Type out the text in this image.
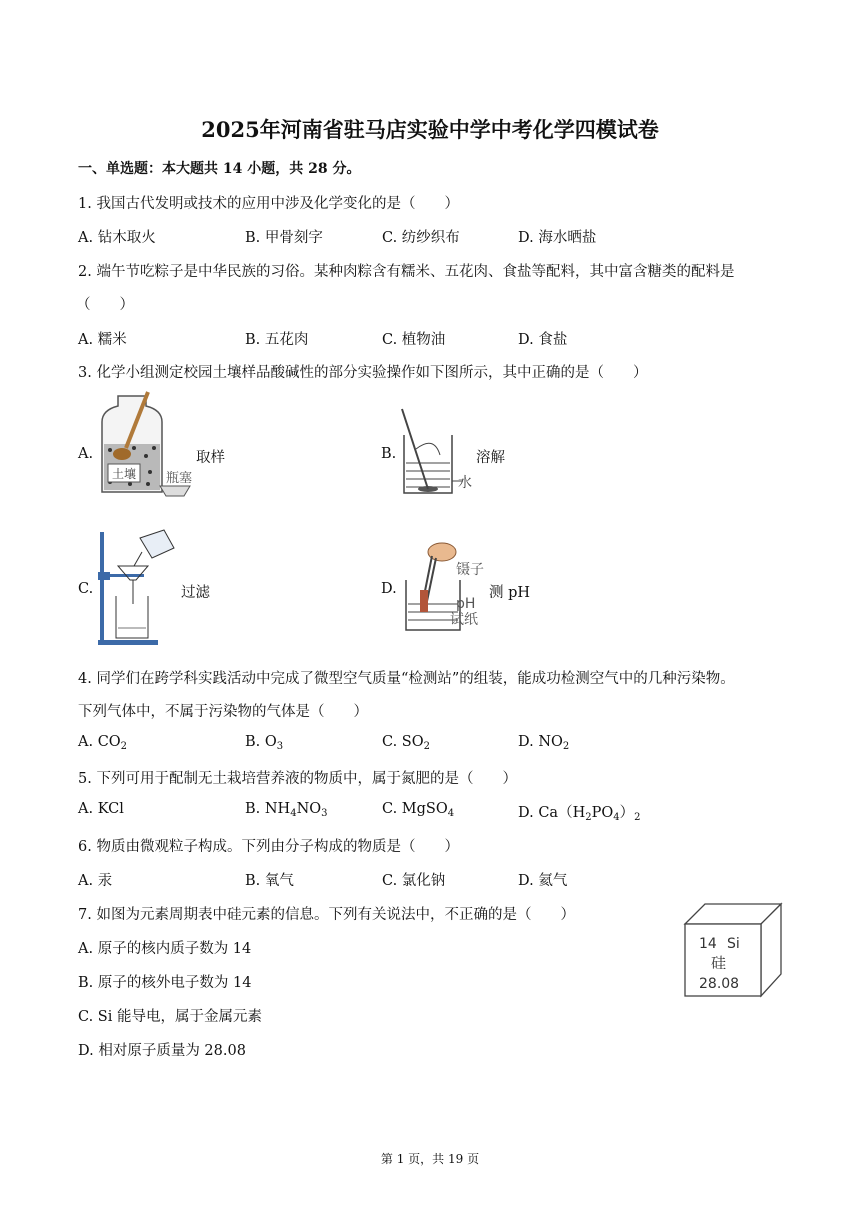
2025年河南省驻马店实验中学中考化学四模试卷
一、单选题：本大题共 14 小题，共 28 分。
1. 我国古代发明或技术的应用中涉及化学变化的是（　　）
A. 钻木取火	B. 甲骨刻字	C. 纺纱织布	D. 海水晒盐
2. 端午节吃粽子是中华民族的习俗。某种肉粽含有糯米、五花肉、食盐等配料，其中富含糖类的配料是
（　　）
A. 糯米	B. 五花肉	C. 植物油	D. 食盐
3. 化学小组测定校园土壤样品酸碱性的部分实验操作如下图所示，其中正确的是（　　）
A.
土壤 瓶塞
取样	B.
水
溶解
C.	过滤	D.
镊子
pH
试纸
测 pH
4. 同学们在跨学科实践活动中完成了微型空气质量“检测站”的组装，能成功检测空气中的几种污染物。
下列气体中，不属于污染物的气体是（　　）
A. $CO_2$	B. $O_3$	C. $SO_2$	D. $NO_2$
5. 下列可用于配制无土栽培营养液的物质中，属于氮肥的是（　　）
A. KCl	B. $NH_4NO_3$	C. MgSO$_4$	D. $Ca(H_2PO_4)_2$
6. 物质由微观粒子构成。下列由分子构成的物质是（　　）
A. 汞	B. 氧气	C. 氯化钠	D. 氦气
7. 如图为元素周期表中硅元素的信息。下列有关说法中，不正确的是（　　）
A. 原子的核内质子数为 14
B. 原子的核外电子数为 14
C. Si 能导电，属于金属元素
D. 相对原子质量为 28.08
14 Si
硅
28.08
第 1 页，共 19 页
